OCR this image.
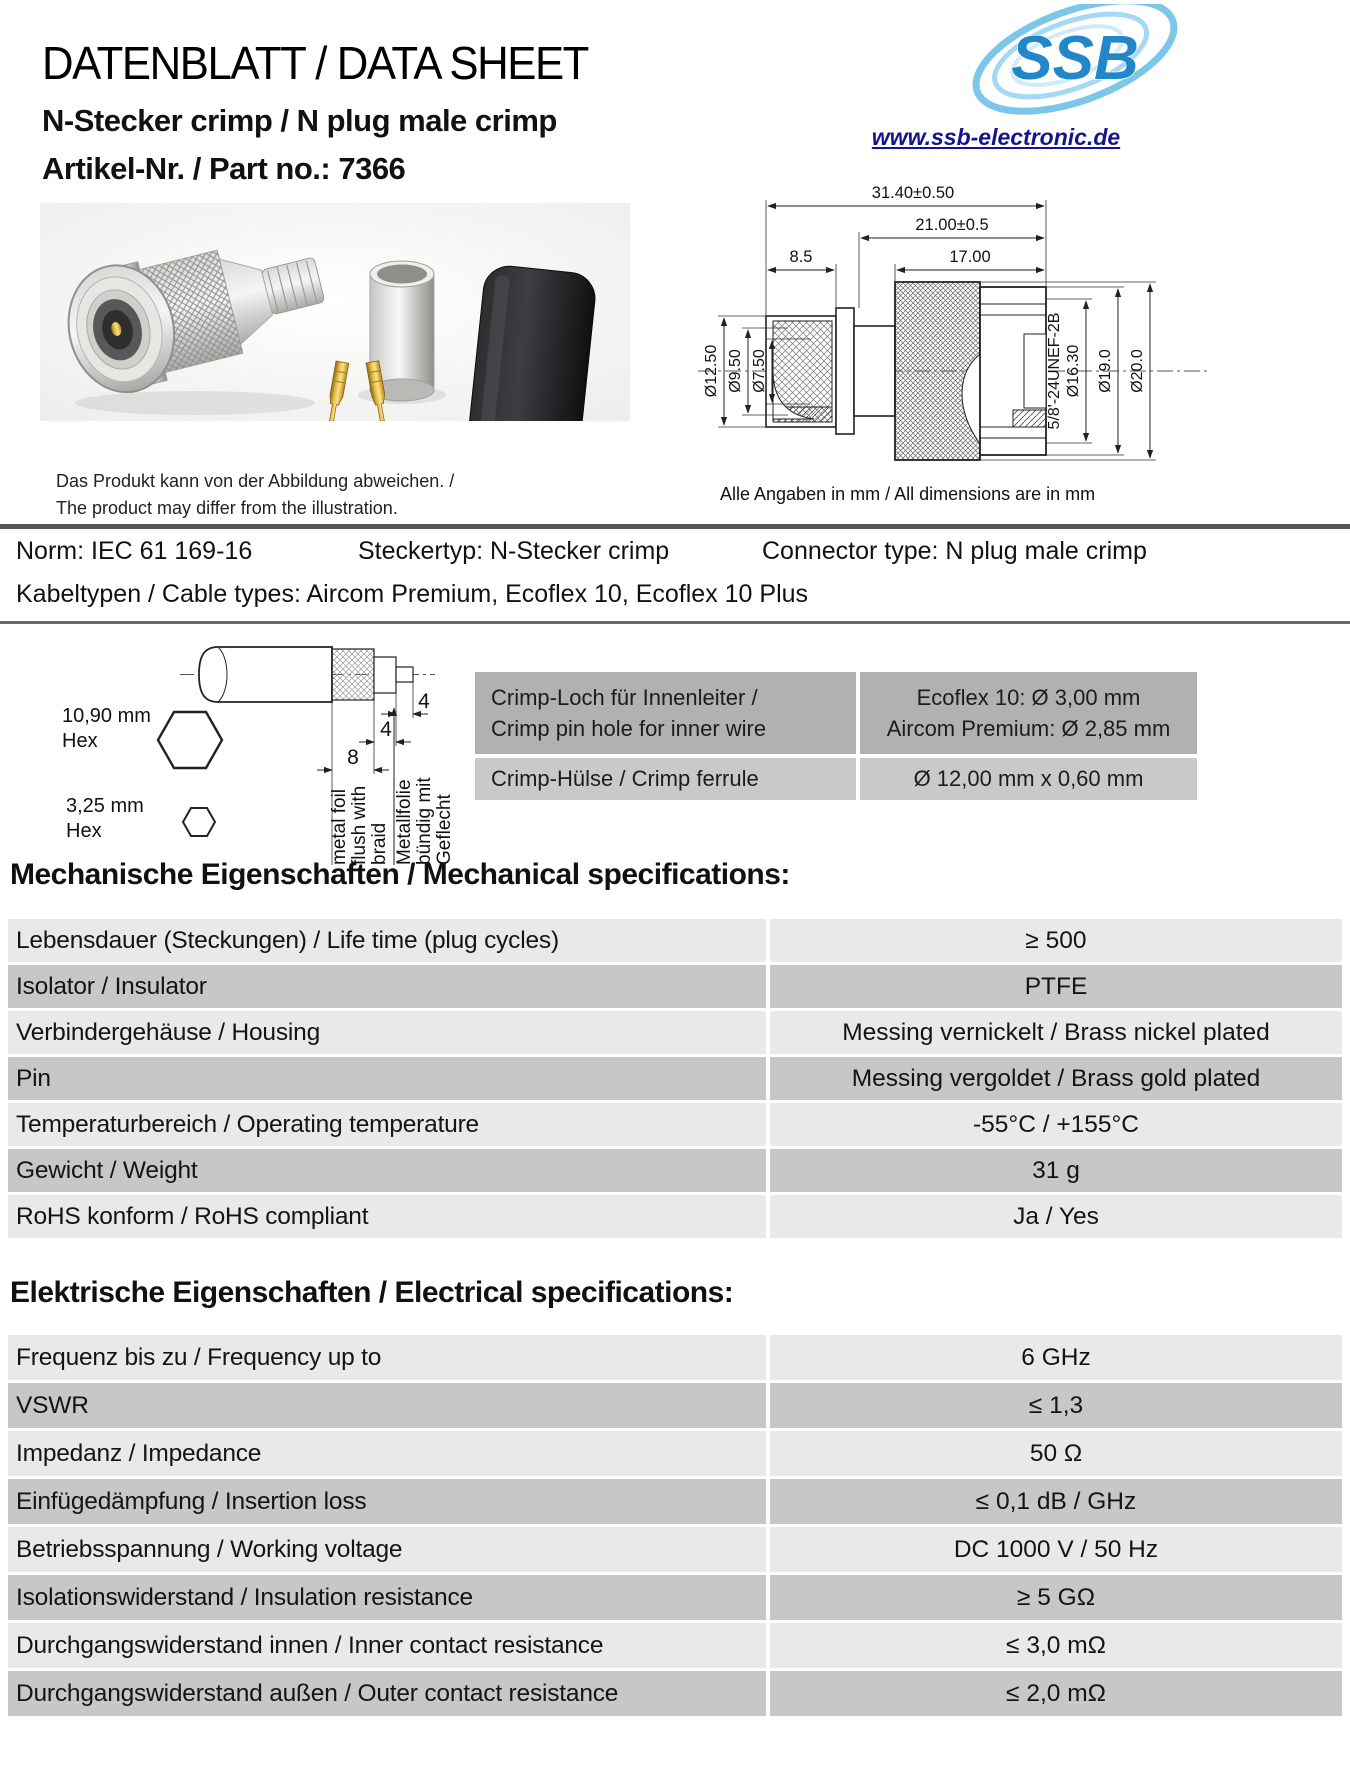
DATENBLATT / DATA SHEET
N-Stecker crimp / N plug male crimp
Artikel-Nr. / Part no.: 7366
SSB
www.ssb-electronic.de
Das Produkt kann von der Abbildung abweichen. /
The product may differ from the illustration.
31.40±0.50
21.00±0.5
8.5	17.00
Ø12.50 Ø9.50 Ø7.50	5/8'-24UNEF-2B Ø16.30 Ø19.0 Ø20.0
Alle Angaben in mm / All dimensions are in mm
Norm: IEC 61 169-16	Steckertyp: N-Stecker crimp	Connector type: N plug male crimp
Kabeltypen / Cable types: Aircom Premium, Ecoflex 10, Ecoflex 10 Plus
4
4
8
10,90 mm
Hex
3,25 mm
Hex	metal foil flush with braid Metallfolie bündig mit Geflecht
Crimp-Loch für Innenleiter /
Crimp pin hole for inner wire
Ecoflex 10: Ø 3,00 mm
Aircom Premium: Ø 2,85 mm
Crimp-Hülse / Crimp ferrule	Ø 12,00 mm x 0,60 mm
Mechanische Eigenschaften / Mechanical specifications:
Lebensdauer (Steckungen) / Life time (plug cycles)	≥ 500
Isolator / Insulator	PTFE
Verbindergehäuse / Housing	Messing vernickelt / Brass nickel plated
Pin	Messing vergoldet / Brass gold plated
Temperaturbereich / Operating temperature	-55°C / +155°C
Gewicht / Weight	31 g
RoHS konform / RoHS compliant	Ja / Yes
Elektrische Eigenschaften / Electrical specifications:
Frequenz bis zu / Frequency up to	6 GHz
VSWR	≤ 1,3
Impedanz / Impedance	50 Ω
Einfügedämpfung / Insertion loss	≤ 0,1 dB / GHz
Betriebsspannung / Working voltage	DC 1000 V / 50 Hz
Isolationswiderstand / Insulation resistance	≥ 5 GΩ
Durchgangswiderstand innen / Inner contact resistance	≤ 3,0 mΩ
Durchgangswiderstand außen / Outer contact resistance	≤ 2,0 mΩ
